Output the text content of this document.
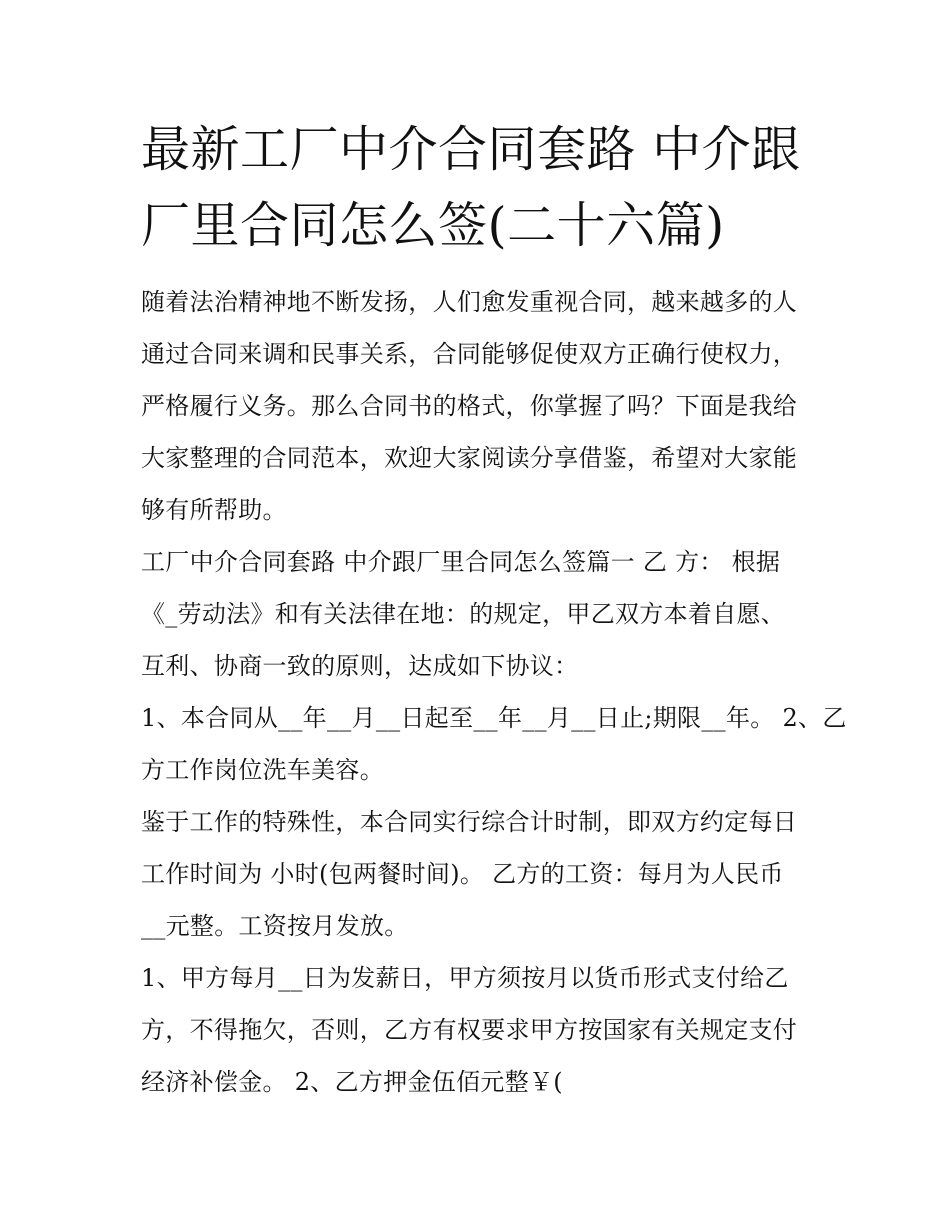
最新工厂中介合同套路 中介跟
厂里合同怎么签(二十六篇)
随着法治精神地不断发扬，人们愈发重视合同，越来越多的人
通过合同来调和民事关系，合同能够促使双方正确行使权力，
严格履行义务。那么合同书的格式，你掌握了吗？下面是我给
大家整理的合同范本，欢迎大家阅读分享借鉴，希望对大家能
够有所帮助。
工厂中介合同套路 中介跟厂里合同怎么签篇一 乙 方： 根据
《_劳动法》和有关法律在地：的规定，甲乙双方本着自愿、
互利、协商一致的原则，达成如下协议：
1、本合同从__年__月__日起至__年__月__日止;期限__年。 2、乙
方工作岗位洗车美容。
鉴于工作的特殊性，本合同实行综合计时制，即双方约定每日
工作时间为 小时(包两餐时间)。 乙方的工资：每月为人民币
__元整。工资按月发放。
1、甲方每月__日为发薪日，甲方须按月以货币形式支付给乙
方，不得拖欠，否则，乙方有权要求甲方按国家有关规定支付
经济补偿金。 2、乙方押金伍佰元整￥(
